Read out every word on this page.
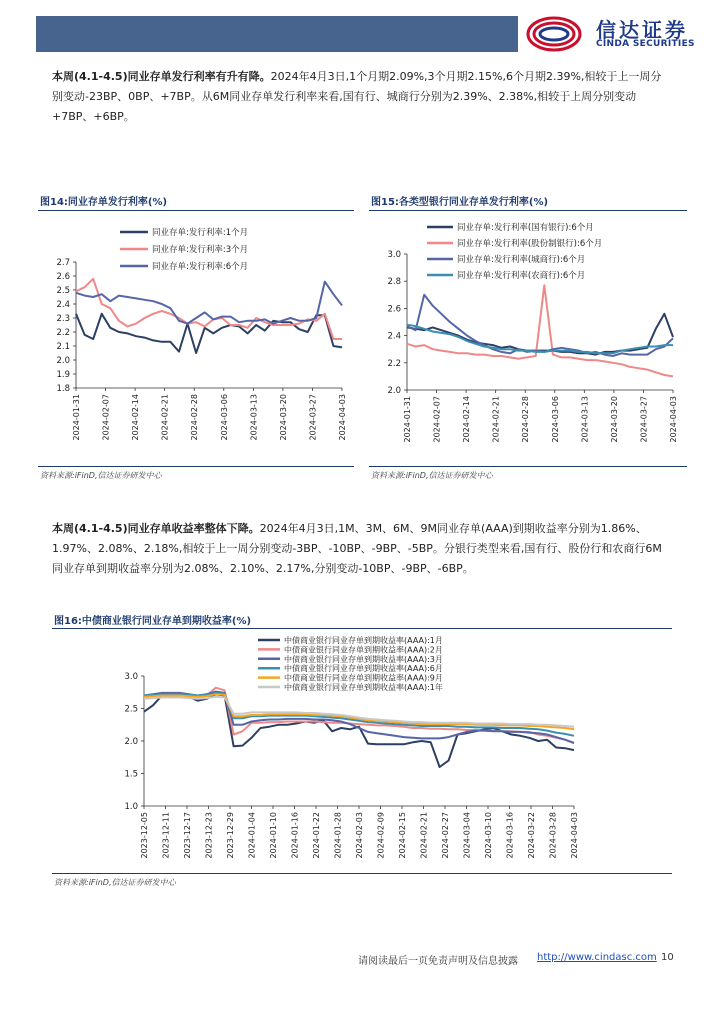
信达证券
CINDA SECURITIES

本周(4.1-4.5)同业存单发行利率有升有降。2024年4月3日,1个月期2.09%,3个月期2.15%,6个月期2.39%,相较于上一周分别变动-23BP、0BP、+7BP。从6M同业存单发行利率来看,国有行、城商行分别为2.39%、2.38%,相较于上周分别变动+7BP、+6BP。

图14:同业存单发行利率(%)
1.8
1.9
2.0
2.1
2.2
2.3
2.4
2.5
2.6
2.7
2024-01-31	2024-02-07	2024-02-14	2024-02-21	2024-02-28	2024-03-06	2024-03-13	2024-03-20	2024-03-27	2024-04-03
同业存单:发行利率:1个月
同业存单:发行利率:3个月
同业存单:发行利率:6个月
资料来源:iFinD,信达证券研发中心
图15:各类型银行同业存单发行利率(%)
2.0
2.2
2.4
2.6
2.8
3.0
2024-01-31	2024-02-07	2024-02-14	2024-02-21	2024-02-28	2024-03-06	2024-03-13	2024-03-20	2024-03-27	2024-04-03
同业存单:发行利率(国有银行):6个月
同业存单:发行利率(股份制银行):6个月
同业存单:发行利率(城商行):6个月
同业存单:发行利率(农商行):6个月
资料来源:iFinD,信达证券研发中心

本周(4.1-4.5)同业存单收益率整体下降。2024年4月3日,1M、3M、6M、9M同业存单(AAA)到期收益率分别为1.86%、1.97%、2.08%、2.18%,相较于上一周分别变动-3BP、-10BP、-9BP、-5BP。分银行类型来看,国有行、股份行和农商行6M同业存单到期收益率分别为2.08%、2.10%、2.17%,分别变动-10BP、-9BP、-6BP。

图16:中债商业银行同业存单到期收益率(%)
1.0
1.5
2.0
2.5
3.0
2023-12-05 2023-12-11 2023-12-17 2023-12-23 2023-12-29 2024-01-04 2024-01-10 2024-01-16 2024-01-22 2024-01-28 2024-02-03 2024-02-09 2024-02-15 2024-02-21 2024-02-27 2024-03-04 2024-03-10 2024-03-16 2024-03-22 2024-03-28 2024-04-03
中债商业银行同业存单到期收益率(AAA):1月
中债商业银行同业存单到期收益率(AAA):2月
中债商业银行同业存单到期收益率(AAA):3月
中债商业银行同业存单到期收益率(AAA):6月
中债商业银行同业存单到期收益率(AAA):9月
中债商业银行同业存单到期收益率(AAA):1年
资料来源:iFinD,信达证券研发中心
请阅读最后一页免责声明及信息披露 http://www.cindasc.com 10
